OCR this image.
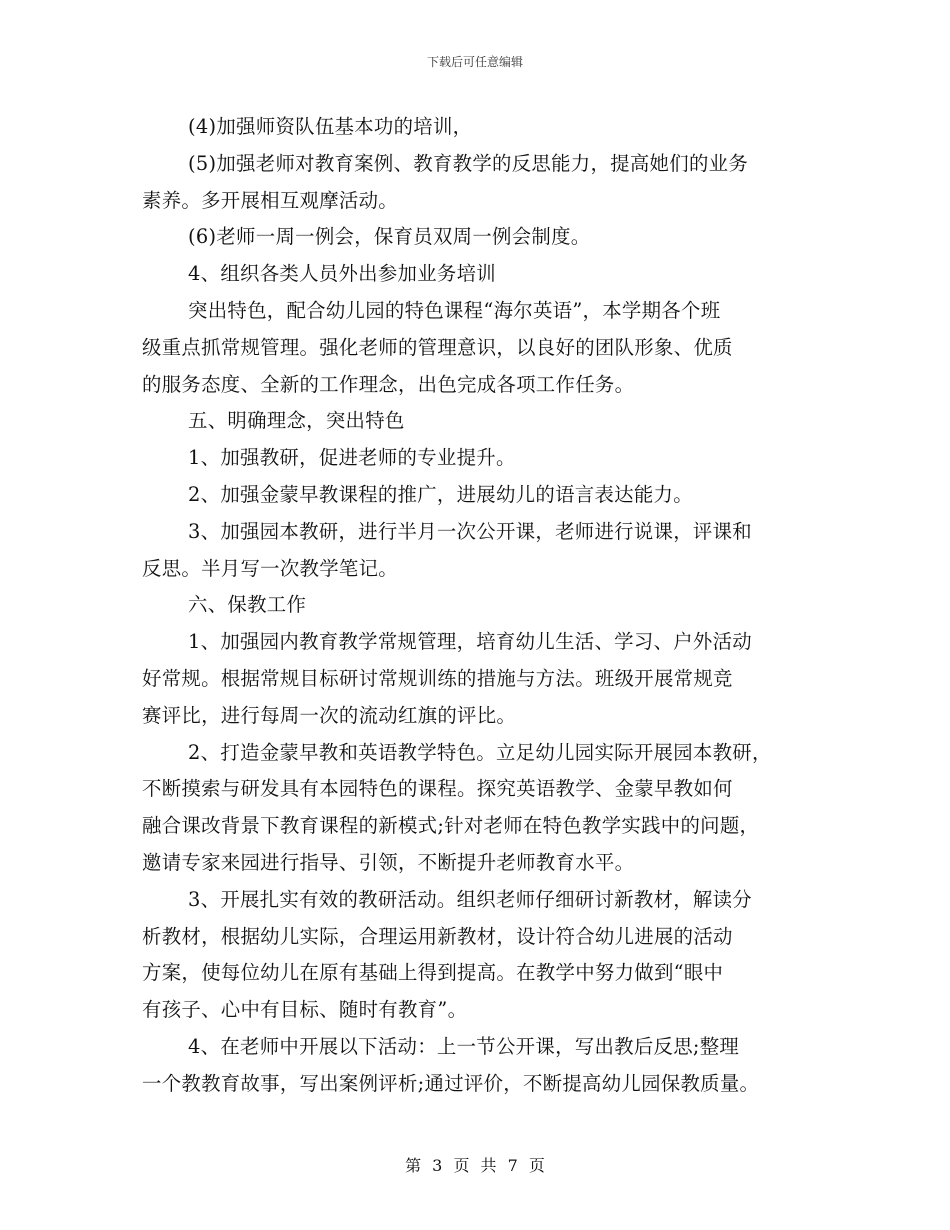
下载后可任意编辑
(4)加强师资队伍基本功的培训，
(5)加强老师对教育案例、教育教学的反思能力，提高她们的业务
素养。多开展相互观摩活动。
(6)老师一周一例会，保育员双周一例会制度。
4、组织各类人员外出参加业务培训
突出特色，配合幼儿园的特色课程“海尔英语”，本学期各个班
级重点抓常规管理。强化老师的管理意识，以良好的团队形象、优质
的服务态度、全新的工作理念，出色完成各项工作任务。
五、明确理念，突出特色
1、加强教研，促进老师的专业提升。
2、加强金蒙早教课程的推广，进展幼儿的语言表达能力。
3、加强园本教研，进行半月一次公开课，老师进行说课，评课和
反思。半月写一次教学笔记。
六、保教工作
1、加强园内教育教学常规管理，培育幼儿生活、学习、户外活动
好常规。根据常规目标研讨常规训练的措施与方法。班级开展常规竞
赛评比，进行每周一次的流动红旗的评比。
2、打造金蒙早教和英语教学特色。立足幼儿园实际开展园本教研，
不断摸索与研发具有本园特色的课程。探究英语教学、金蒙早教如何
融合课改背景下教育课程的新模式;针对老师在特色教学实践中的问题，
邀请专家来园进行指导、引领，不断提升老师教育水平。
3、开展扎实有效的教研活动。组织老师仔细研讨新教材，解读分
析教材，根据幼儿实际，合理运用新教材，设计符合幼儿进展的活动
方案，使每位幼儿在原有基础上得到提高。在教学中努力做到“眼中
有孩子、心中有目标、随时有教育”。
4、在老师中开展以下活动：上一节公开课，写出教后反思;整理
一个教教育故事，写出案例评析;通过评价，不断提高幼儿园保教质量。
第 3 页 共 7 页
